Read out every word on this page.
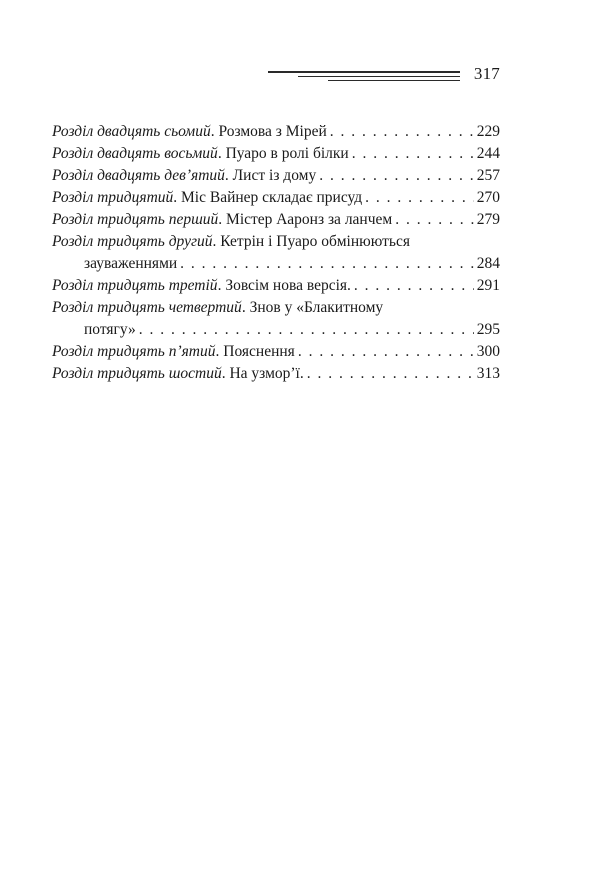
317
Розділ двадцять сьомий . Розмова з Мірей . . .	229
Розділ двадцять восьмий . Пуаро в ролі білки . . .	244
Розділ двадцять дев’ятий . Лист із дому . . .	257
Розділ тридцятий . Міс Вайнер складає присуд . . .	270
Розділ тридцять перший . Містер Ааронз за ланчем . . .	279
Розділ тридцять другий . Кетрін і Пуаро обмінюються
зауваженнями . . .	284
Розділ тридцять третій . Зовсім нова версія. . . .	291
Розділ тридцять четвертий . Знов у «Блакитному
потягу» . . .	295
Розділ тридцять п’ятий . Пояснення . . .	300
Розділ тридцять шостий . На узмор’ї. . . .	313
